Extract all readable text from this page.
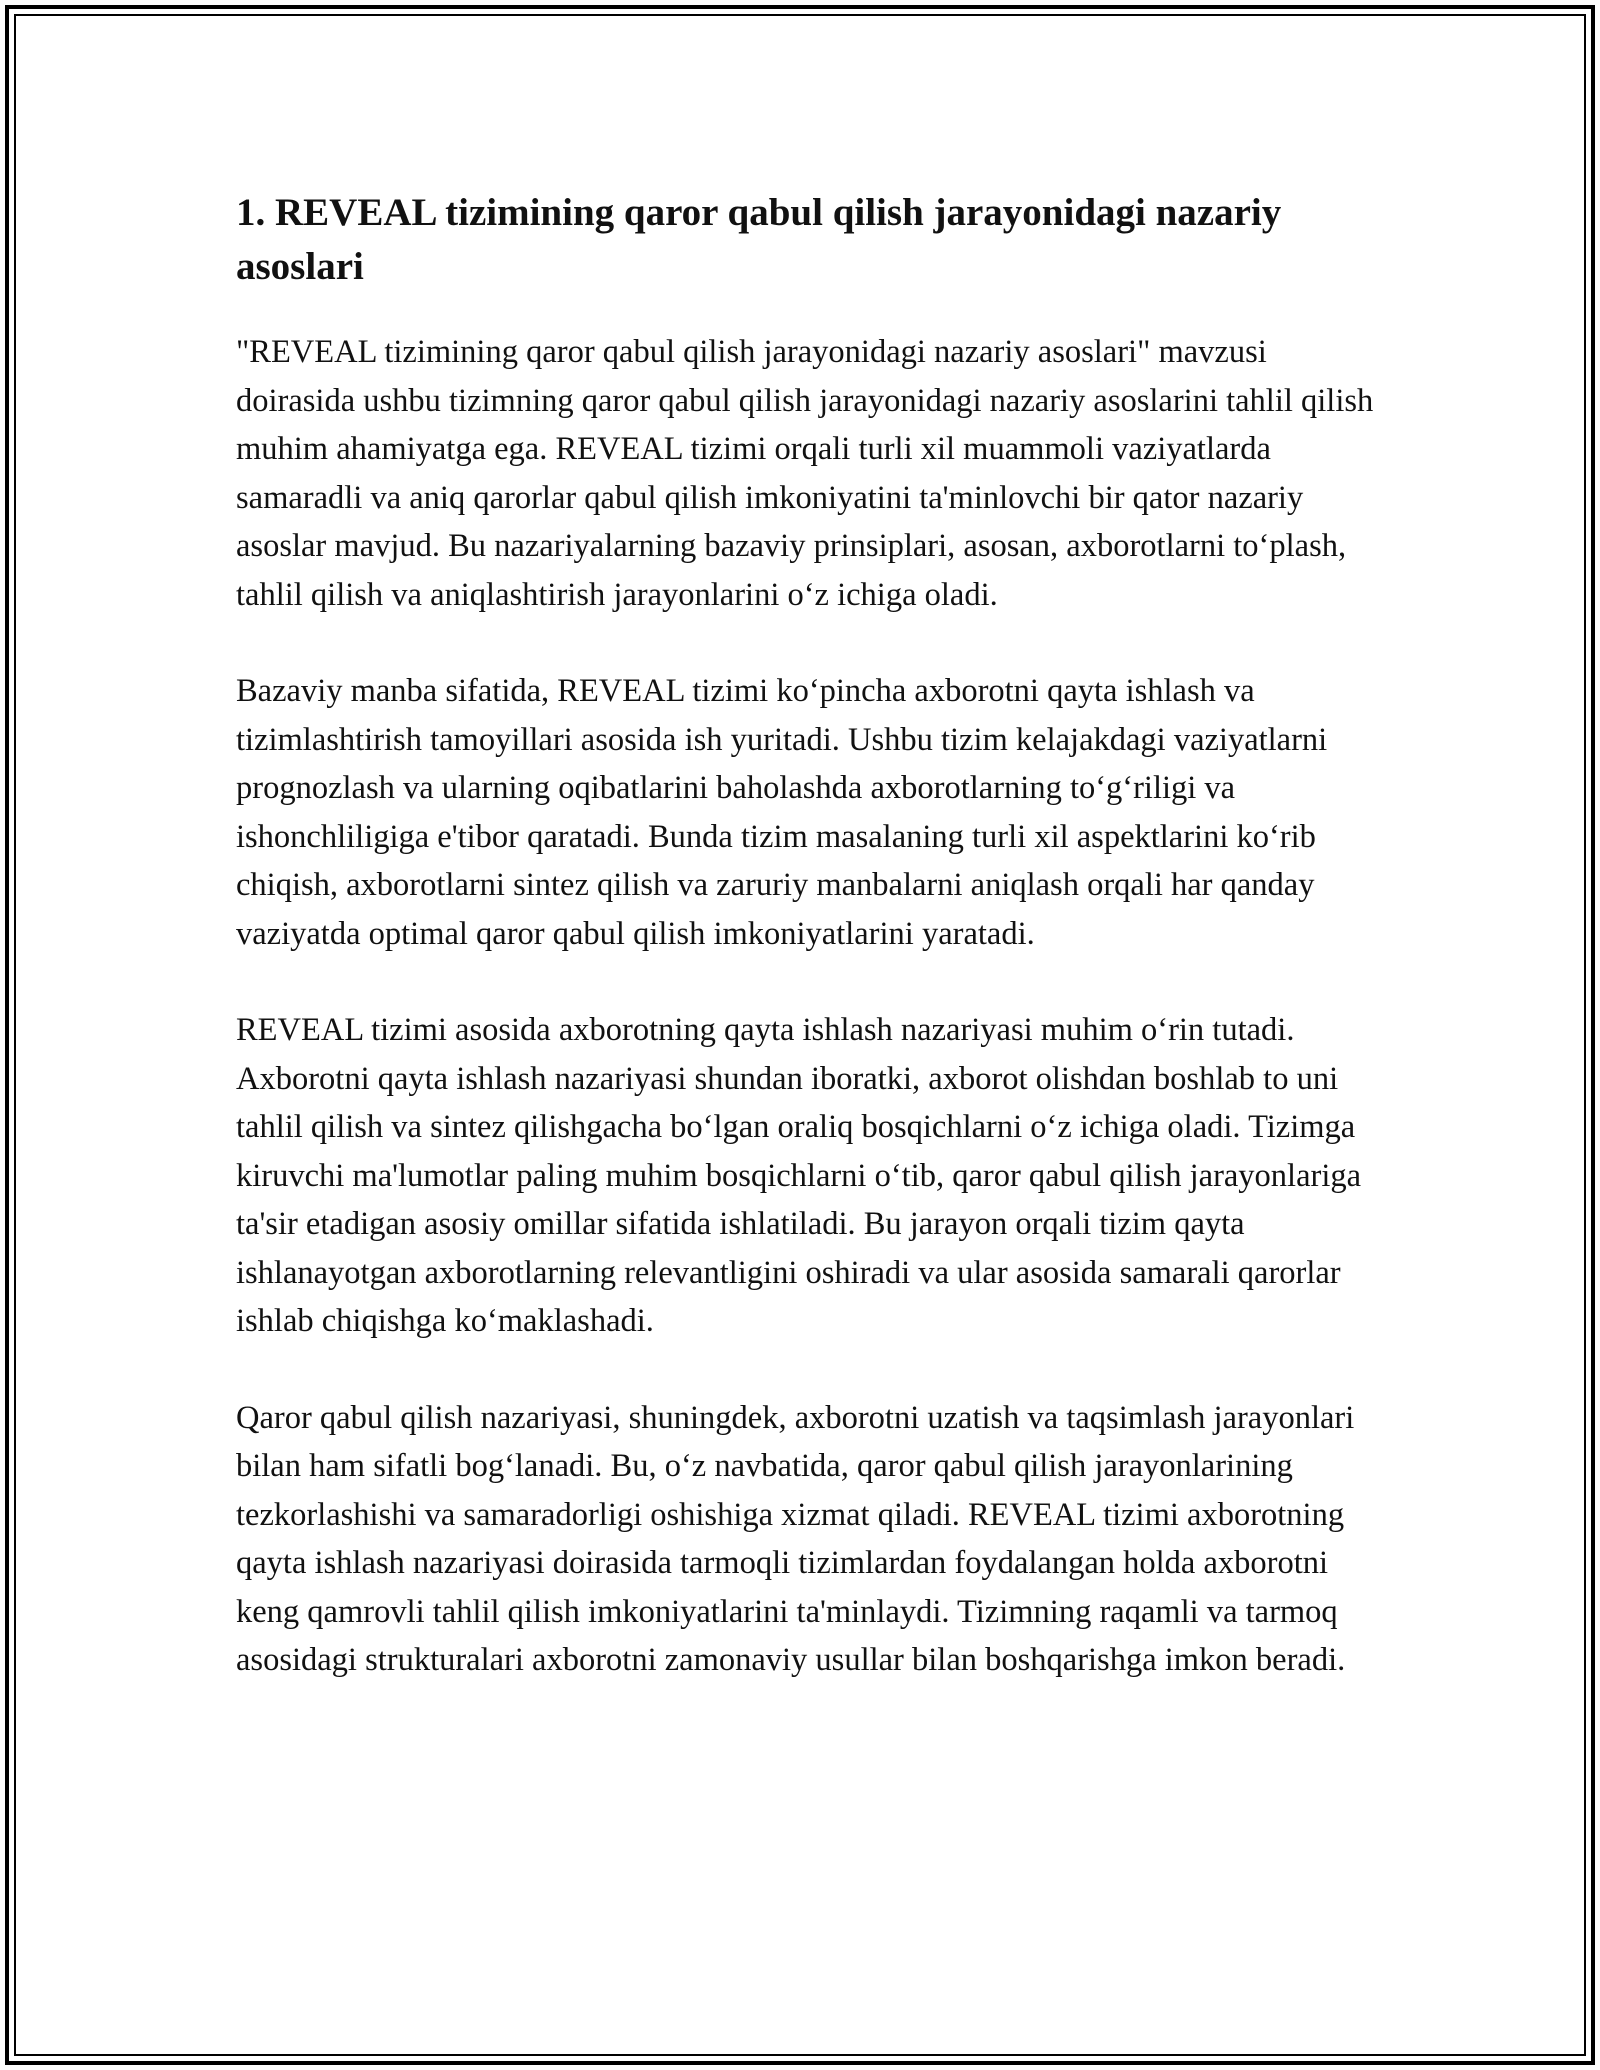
1. REVEAL tizimining qaror qabul qilish jarayonidagi nazariy asoslari

"REVEAL tizimining qaror qabul qilish jarayonidagi nazariy asoslari" mavzusi doirasida ushbu tizimning qaror qabul qilish jarayonidagi nazariy asoslarini tahlil qilish muhim ahamiyatga ega. REVEAL tizimi orqali turli xil muammoli vaziyatlarda samaradli va aniq qarorlar qabul qilish imkoniyatini ta'minlovchi bir qator nazariy asoslar mavjud. Bu nazariyalarning bazaviy prinsiplari, asosan, axborotlarni to‘plash, tahlil qilish va aniqlashtirish jarayonlarini o‘z ichiga oladi.

Bazaviy manba sifatida, REVEAL tizimi ko‘pincha axborotni qayta ishlash va tizimlashtirish tamoyillari asosida ish yuritadi. Ushbu tizim kelajakdagi vaziyatlarni prognozlash va ularning oqibatlarini baholashda axborotlarning to‘g‘riligi va ishonchliligiga e'tibor qaratadi. Bunda tizim masalaning turli xil aspektlarini ko‘rib chiqish, axborotlarni sintez qilish va zaruriy manbalarni aniqlash orqali har qanday vaziyatda optimal qaror qabul qilish imkoniyatlarini yaratadi.

REVEAL tizimi asosida axborotning qayta ishlash nazariyasi muhim o‘rin tutadi. Axborotni qayta ishlash nazariyasi shundan iboratki, axborot olishdan boshlab to uni tahlil qilish va sintez qilishgacha bo‘lgan oraliq bosqichlarni o‘z ichiga oladi. Tizimga kiruvchi ma'lumotlar paling muhim bosqichlarni o‘tib, qaror qabul qilish jarayonlariga ta'sir etadigan asosiy omillar sifatida ishlatiladi. Bu jarayon orqali tizim qayta ishlanayotgan axborotlarning relevantligini oshiradi va ular asosida samarali qarorlar ishlab chiqishga ko‘maklashadi.

Qaror qabul qilish nazariyasi, shuningdek, axborotni uzatish va taqsimlash jarayonlari bilan ham sifatli bog‘lanadi. Bu, o‘z navbatida, qaror qabul qilish jarayonlarining tezkorlashishi va samaradorligi oshishiga xizmat qiladi. REVEAL tizimi axborotning qayta ishlash nazariyasi doirasida tarmoqli tizimlardan foydalangan holda axborotni keng qamrovli tahlil qilish imkoniyatlarini ta'minlaydi. Tizimning raqamli va tarmoq asosidagi strukturalari axborotni zamonaviy usullar bilan boshqarishga imkon beradi.
